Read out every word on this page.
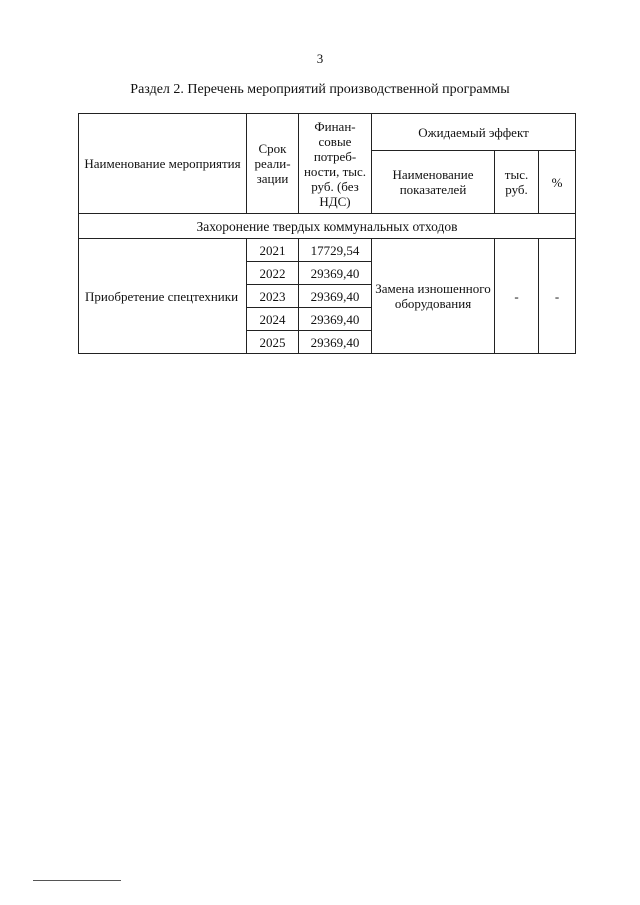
3
Раздел 2. Перечень мероприятий производственной программы
Наименование мероприятия	Срок реали-зации	Финан-совые потреб-ности, тыс. руб. (без НДС)	Ожидаемый эффект		
			Наименование показателей	тыс. руб.	%
Захоронение твердых коммунальных отходов					
Приобретение спецтехники	2021	17729,54	Замена изношенного оборудования	-	-
	2022	29369,40			
	2023	29369,40			
	2024	29369,40			
	2025	29369,40			
